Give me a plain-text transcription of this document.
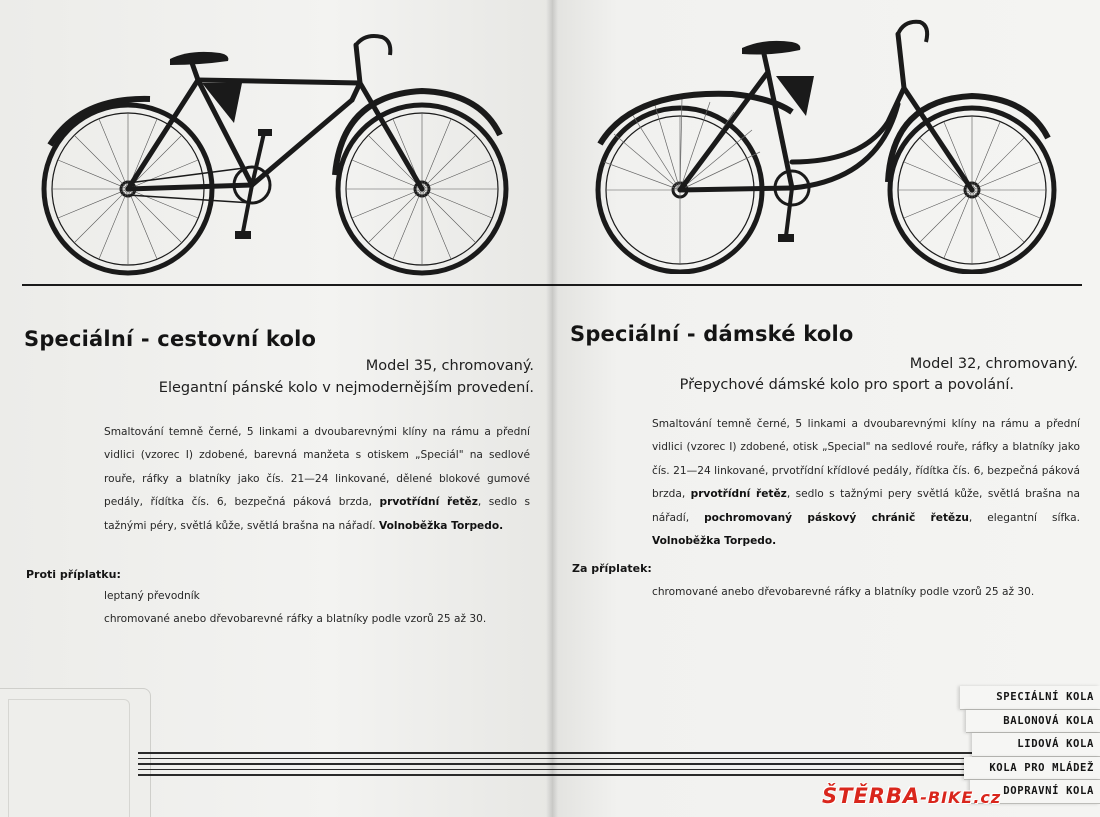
Speciální - cestovní kolo
Model 35, chromovaný.
Elegantní pánské kolo v nejmodernějším provedení.
Smaltování temně černé, 5 linkami a dvoubarevnými klíny na rámu a přední vidlici (vzorec I) zdobené, barevná manžeta s otiskem „Speciál" na sedlové rouře, ráfky a blatníky jako čís. 21—24 linkované, dělené blokové gumové pedály, řídítka čís. 6, bezpečná páková brzda, prvotřídní řetěz, sedlo s tažnými péry, světlá kůže, světlá brašna na nářadí. Volnoběžka Torpedo.
Proti příplatku:
leptaný převodník
chromované anebo dřevobarevné ráfky a blatníky podle vzorů 25 až 30.
Speciální - dámské kolo
Model 32, chromovaný.
Přepychové dámské kolo pro sport a povolání.
Smaltování temně černé, 5 linkami a dvoubarevnými klíny na rámu a přední vidlici (vzorec I) zdobené, otisk „Special" na sedlové rouře, ráfky a blatníky jako čís. 21—24 linkované, prvotřídní křídlové pedály, řídítka čís. 6, bezpečná páková brzda, prvotřídní řetěz, sedlo s tažnými pery světlá kůže, světlá brašna na nářadí, pochromovaný páskový chránič řetězu, elegantní sífka. Volnoběžka Torpedo.
Za příplatek:
chromované anebo dřevobarevné ráfky a blatníky podle vzorů 25 až 30.
SPECIÁLNÍ KOLA
BALONOVÁ KOLA
LIDOVÁ KOLA
KOLA PRO MLÁDEŽ
DOPRAVNÍ KOLA
ŠTĚRBA-BIKE.cz
